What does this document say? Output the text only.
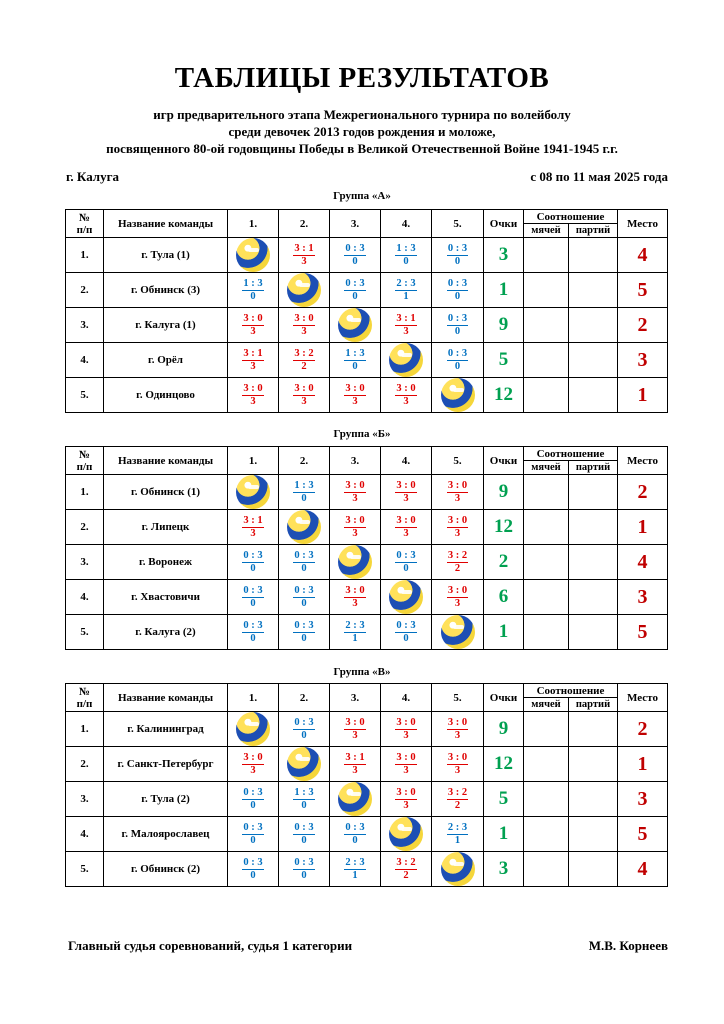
ТАБЛИЦЫ РЕЗУЛЬТАТОВ
игр предварительного этапа Межрегионального турнира по волейболу
среди девочек 2013 годов рождения и моложе,
посвященного 80-ой годовщины Победы в Великой Отечественной Войне 1941-1945 г.г.
г. Калуга	с 08 по 11 мая 2025 года
Группа «А»
№
п/п	Название команды	1.	2.	3.	4.	5.	Очки	Соотношение		Место
								мячей	партий	
1.	г. Тула (1)		$\frac{3 : 1}{3}$	$\frac{0 : 3}{0}$	$\frac{1 : 3}{0}$	$\frac{0 : 3}{0}$	3			4
2.	г. Обнинск (3)	$\frac{1 : 3}{0}$		$\frac{0 : 3}{0}$	$\frac{2 : 3}{1}$	$\frac{0 : 3}{0}$	1			5
3.	г. Калуга (1)	$\frac{3 : 0}{3}$	$\frac{3 : 0}{3}$		$\frac{3 : 1}{3}$	$\frac{0 : 3}{0}$	9			2
4.	г. Орёл	$\frac{3 : 1}{3}$	$\frac{3 : 2}{2}$	$\frac{1 : 3}{0}$		$\frac{0 : 3}{0}$	5			3
5.	г. Одинцово	$\frac{3 : 0}{3}$	$\frac{3 : 0}{3}$	$\frac{3 : 0}{3}$	$\frac{3 : 0}{3}$		12			1
Группа «Б»
№
п/п	Название команды	1.	2.	3.	4.	5.	Очки	Соотношение		Место
								мячей	партий	
1.	г. Обнинск (1)		$\frac{1 : 3}{0}$	$\frac{3 : 0}{3}$	$\frac{3 : 0}{3}$	$\frac{3 : 0}{3}$	9			2
2.	г. Липецк	$\frac{3 : 1}{3}$		$\frac{3 : 0}{3}$	$\frac{3 : 0}{3}$	$\frac{3 : 0}{3}$	12			1
3.	г. Воронеж	$\frac{0 : 3}{0}$	$\frac{0 : 3}{0}$		$\frac{0 : 3}{0}$	$\frac{3 : 2}{2}$	2			4
4.	г. Хвастовичи	$\frac{0 : 3}{0}$	$\frac{0 : 3}{0}$	$\frac{3 : 0}{3}$		$\frac{3 : 0}{3}$	6			3
5.	г. Калуга (2)	$\frac{0 : 3}{0}$	$\frac{0 : 3}{0}$	$\frac{2 : 3}{1}$	$\frac{0 : 3}{0}$		1			5
Группа «В»
№
п/п	Название команды	1.	2.	3.	4.	5.	Очки	Соотношение		Место
								мячей	партий	
1.	г. Калининград		$\frac{0 : 3}{0}$	$\frac{3 : 0}{3}$	$\frac{3 : 0}{3}$	$\frac{3 : 0}{3}$	9			2
2.	г. Санкт-Петербург	$\frac{3 : 0}{3}$		$\frac{3 : 1}{3}$	$\frac{3 : 0}{3}$	$\frac{3 : 0}{3}$	12			1
3.	г. Тула (2)	$\frac{0 : 3}{0}$	$\frac{1 : 3}{0}$		$\frac{3 : 0}{3}$	$\frac{3 : 2}{2}$	5			3
4.	г. Малоярославец	$\frac{0 : 3}{0}$	$\frac{0 : 3}{0}$	$\frac{0 : 3}{0}$		$\frac{2 : 3}{1}$	1			5
5.	г. Обнинск (2)	$\frac{0 : 3}{0}$	$\frac{0 : 3}{0}$	$\frac{2 : 3}{1}$	$\frac{3 : 2}{2}$		3			4
Главный судья соревнований, судья 1 категории	М.В. Корнеев
